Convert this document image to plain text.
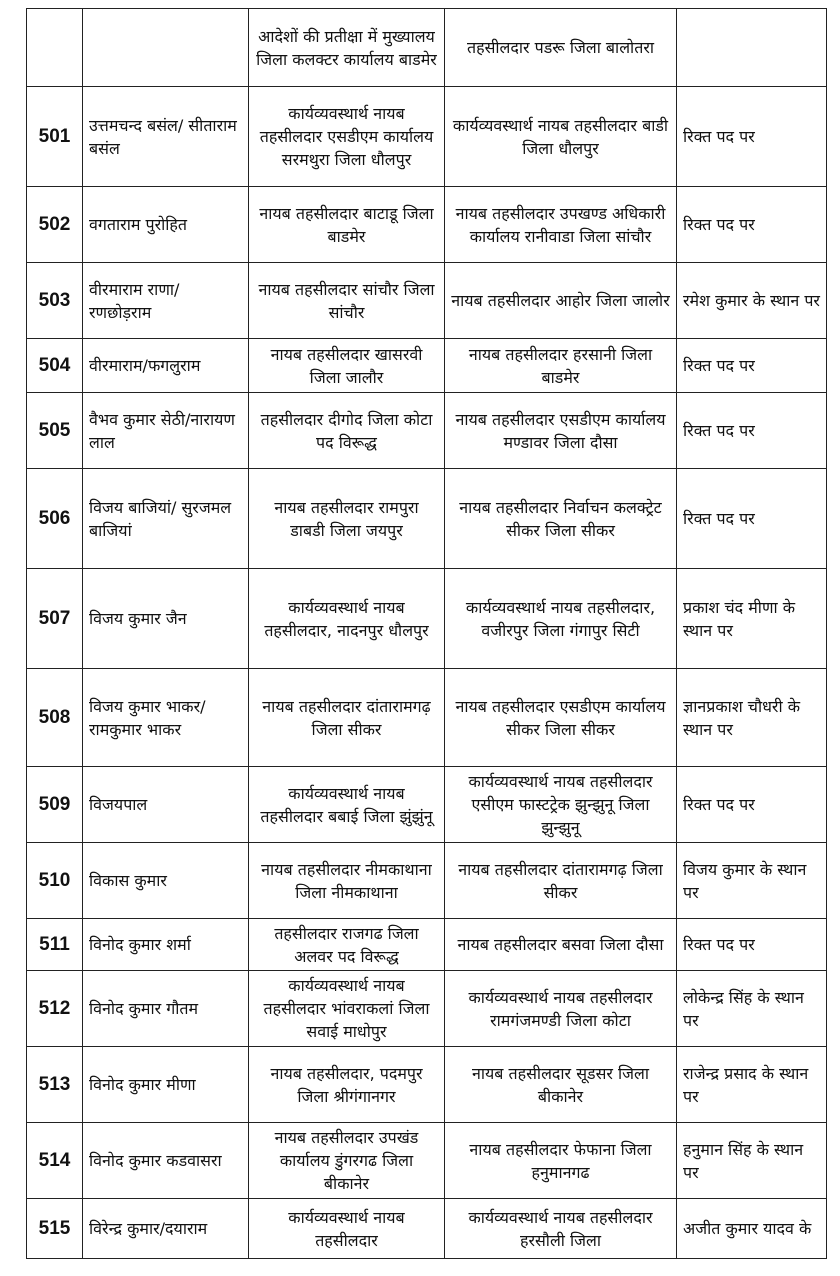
		आदेशों की प्रतीक्षा में मुख्यालय जिला कलक्टर कार्यालय बाडमेर	तहसीलदार पडरू जिला बालोतरा	
501	उत्तमचन्द बसंल/ सीताराम बसंल	कार्यव्यवस्थार्थ नायब तहसीलदार एसडीएम कार्यालय सरमथुरा जिला धौलपुर	कार्यव्यवस्थार्थ नायब तहसीलदार बाडी जिला धौलपुर	रिक्त पद पर
502	वगताराम पुरोहित	नायब तहसीलदार बाटाडू जिला बाडमेर	नायब तहसीलदार उपखण्ड अधिकारी कार्यालय रानीवाडा जिला सांचौर	रिक्त पद पर
503	वीरमाराम राणा/ रणछोड़राम	नायब तहसीलदार सांचौर जिला सांचौर	नायब तहसीलदार आहोर जिला जालोर	रमेश कुमार के स्थान पर
504	वीरमाराम/फगलुराम	नायब तहसीलदार खासरवी जिला जालौर	नायब तहसीलदार हरसानी जिला बाडमेर	रिक्त पद पर
505	वैभव कुमार सेठी/नारायण लाल	तहसीलदार दीगोद जिला कोटा पद विरूद्ध	नायब तहसीलदार एसडीएम कार्यालय मण्डावर जिला दौसा	रिक्त पद पर
506	विजय बाजियां/ सुरजमल बाजियां	नायब तहसीलदार रामपुरा डाबडी जिला जयपुर	नायब तहसीलदार निर्वाचन कलक्ट्रेट सीकर जिला सीकर	रिक्त पद पर
507	विजय कुमार जैन	कार्यव्यवस्थार्थ नायब तहसीलदार, नादनपुर धौलपुर	कार्यव्यवस्थार्थ नायब तहसीलदार, वजीरपुर जिला गंगापुर सिटी	प्रकाश चंद मीणा के स्थान पर
508	विजय कुमार भाकर/ रामकुमार भाकर	नायब तहसीलदार दांतारामगढ़ जिला सीकर	नायब तहसीलदार एसडीएम कार्यालय सीकर जिला सीकर	ज्ञानप्रकाश चौधरी के स्थान पर
509	विजयपाल	कार्यव्यवस्थार्थ नायब तहसीलदार बबाई जिला झुंझुंनू	कार्यव्यवस्थार्थ नायब तहसीलदार एसीएम फास्टट्रेक झुन्झुनू जिला झुन्झुनू	रिक्त पद पर
510	विकास कुमार	नायब तहसीलदार नीमकाथाना जिला नीमकाथाना	नायब तहसीलदार दांतारामगढ़ जिला सीकर	विजय कुमार के स्थान पर
511	विनोद कुमार शर्मा	तहसीलदार राजगढ जिला अलवर पद विरूद्ध	नायब तहसीलदार बसवा जिला दौसा	रिक्त पद पर
512	विनोद कुमार गौतम	कार्यव्यवस्थार्थ नायब तहसीलदार भांवराकलां जिला सवाई माधोपुर	कार्यव्यवस्थार्थ नायब तहसीलदार रामगंजमण्डी जिला कोटा	लोकेन्द्र सिंह के स्थान पर
513	विनोद कुमार मीणा	नायब तहसीलदार, पदमपुर जिला श्रीगंगानगर	नायब तहसीलदार सूडसर जिला बीकानेर	राजेन्द्र प्रसाद के स्थान पर
514	विनोद कुमार कडवासरा	नायब तहसीलदार उपखंड कार्यालय डुंगरगढ जिला बीकानेर	नायब तहसीलदार फेफाना जिला हनुमानगढ	हनुमान सिंह के स्थान पर
515	विरेन्द्र कुमार/दयाराम	कार्यव्यवस्थार्थ नायब तहसीलदार	कार्यव्यवस्थार्थ नायब तहसीलदार हरसौली जिला	अजीत कुमार यादव के
